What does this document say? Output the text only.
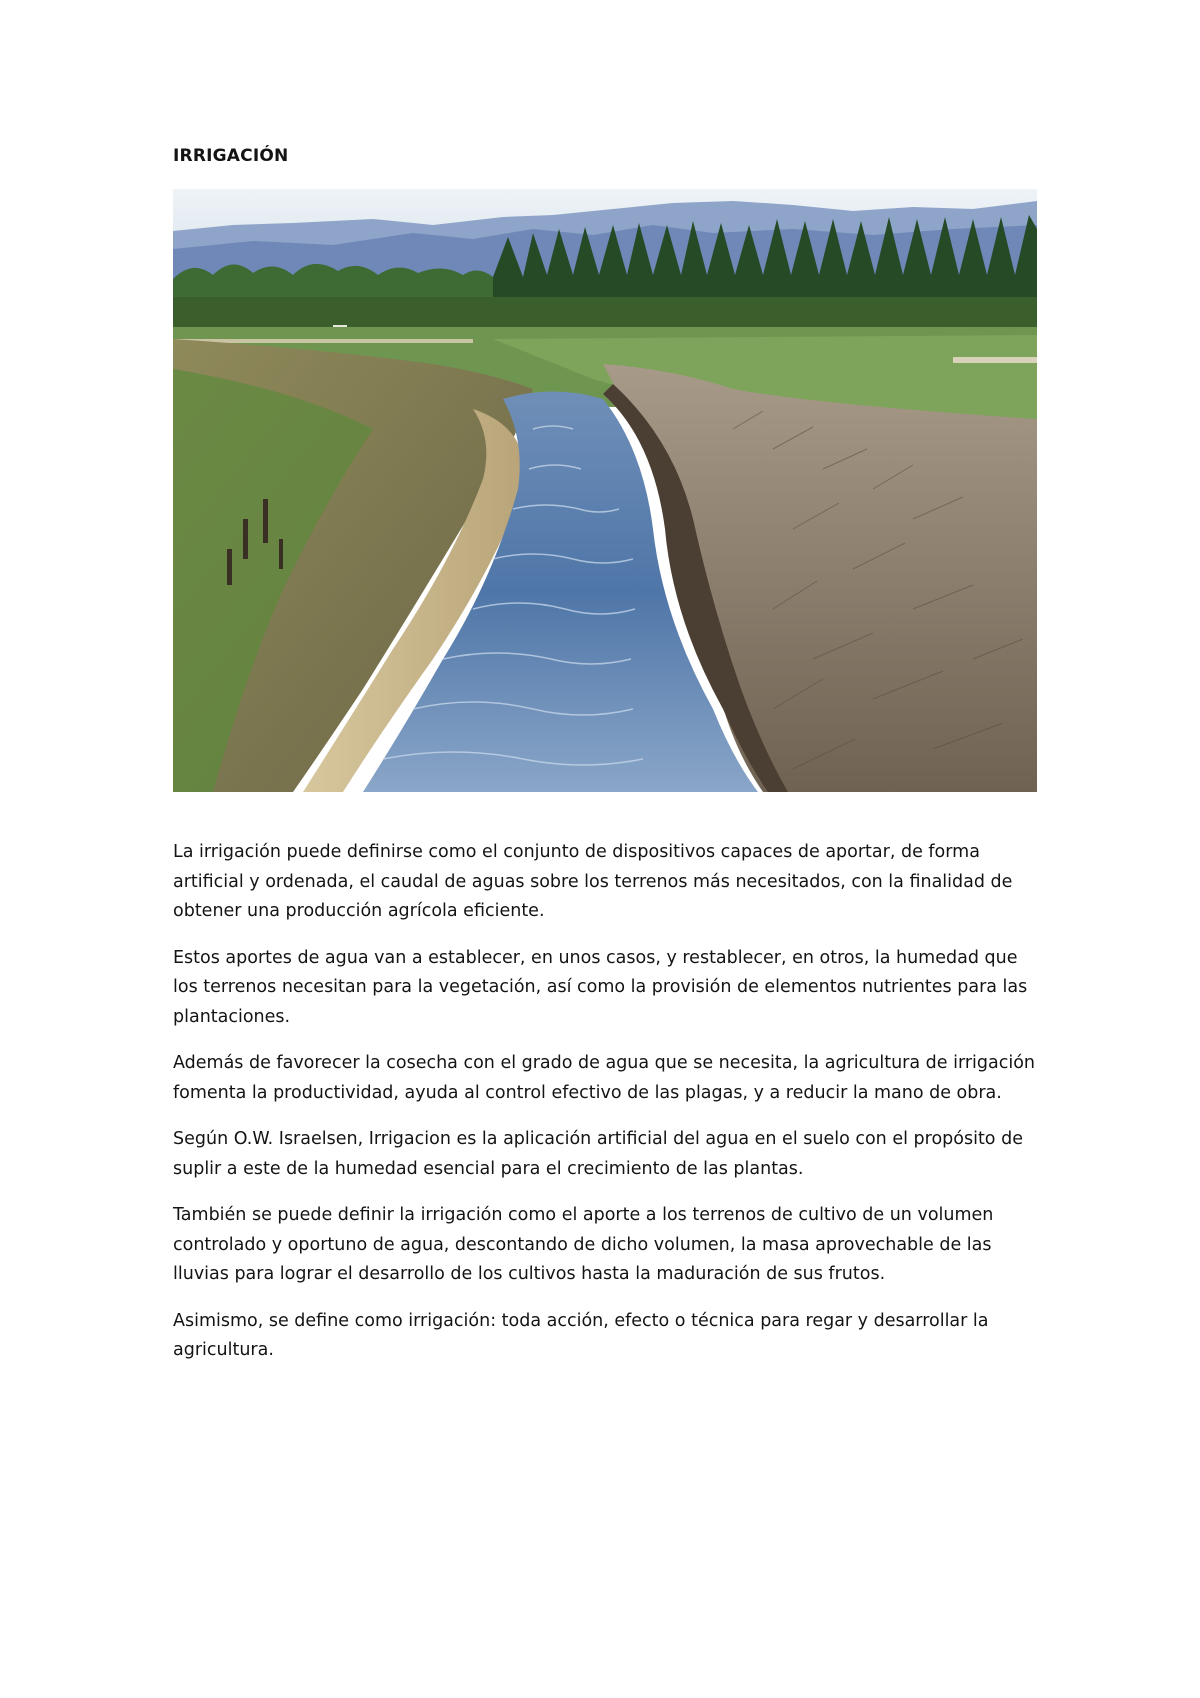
IRRIGACIÓN

La irrigación puede definirse como el conjunto de dispositivos capaces de aportar, de forma artificial y ordenada, el caudal de aguas sobre los terrenos más necesitados, con la finalidad de obtener una producción agrícola eficiente.

Estos aportes de agua van a establecer, en unos casos, y restablecer, en otros, la humedad que los terrenos necesitan para la vegetación, así como la provisión de elementos nutrientes para las plantaciones.

Además de favorecer la cosecha con el grado de agua que se necesita, la agricultura de irrigación fomenta la productividad, ayuda al control efectivo de las plagas, y a reducir la mano de obra.

Según O.W. Israelsen, Irrigacion es la aplicación artificial del agua en el suelo con el propósito de suplir a este de la humedad esencial para el crecimiento de las plantas.

También se puede definir la irrigación como el aporte a los terrenos de cultivo de un volumen controlado y oportuno de agua, descontando de dicho volumen, la masa aprovechable de las lluvias para lograr el desarrollo de los cultivos hasta la maduración de sus frutos.

Asimismo, se define como irrigación: toda acción, efecto o técnica para regar y desarrollar la agricultura.
